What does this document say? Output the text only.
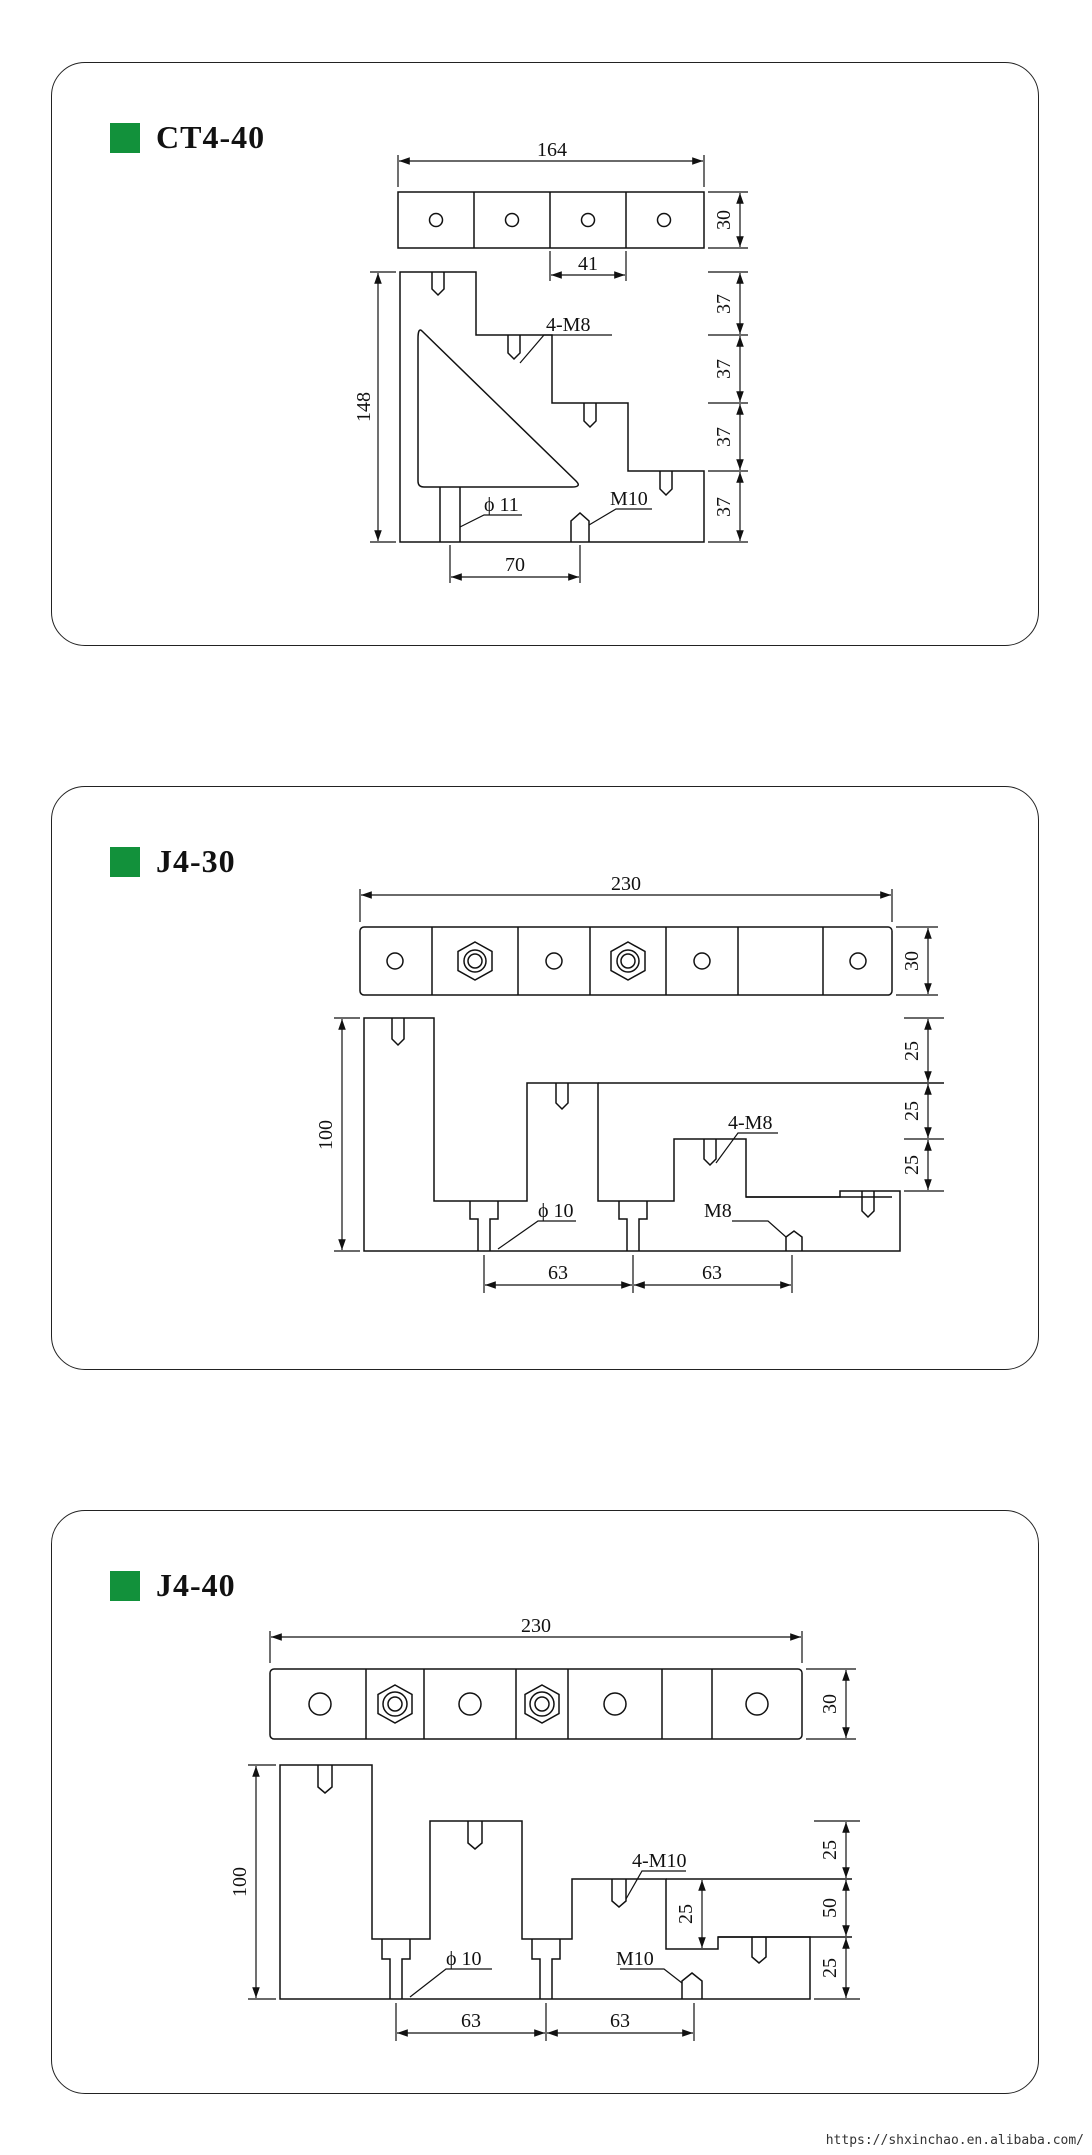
CT4-40	164
30
41
148
37
37
37
37
70
4-M8
ϕ 11	M10
J4-30
230
30
100
25
25
25
63	63
4-M8
ϕ 10	M8
J4-40
230
30
100
25
50
25
25
63	63
4-M10
ϕ 10	M10
https://shxinchao.en.alibaba.com/
